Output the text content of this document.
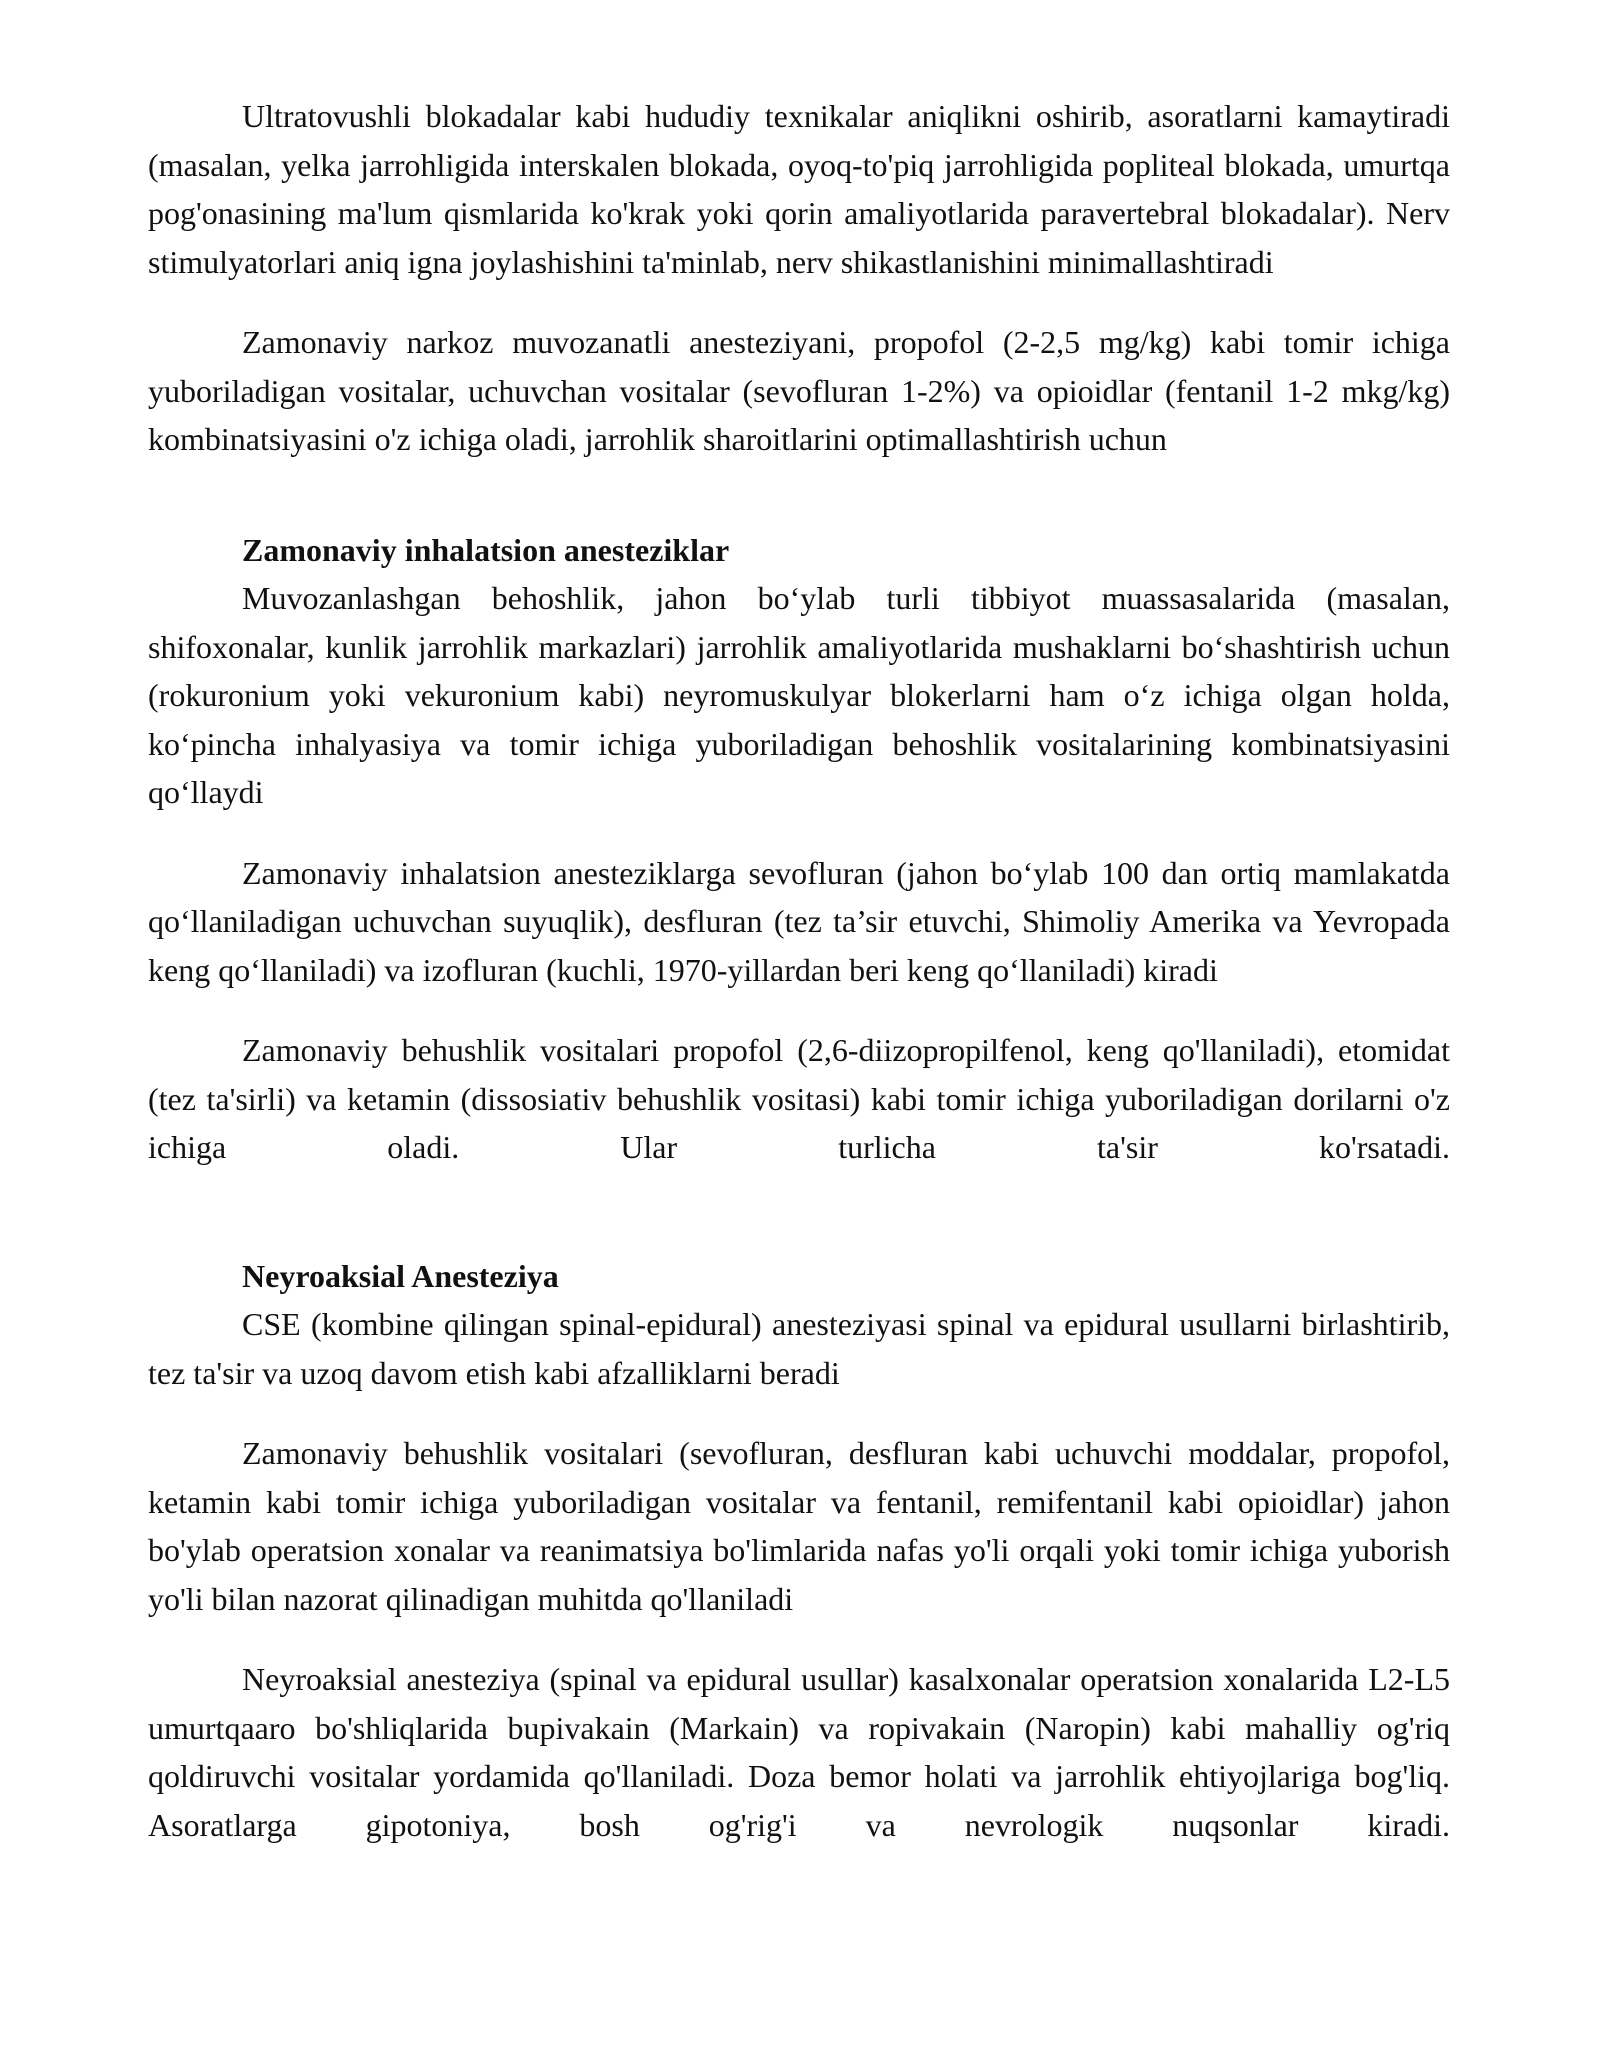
Ultratovushli blokadalar kabi hududiy texnikalar aniqlikni oshirib, asoratlarni kamaytiradi (masalan, yelka jarrohligida interskalen blokada, oyoq-to'piq jarrohligida popliteal blokada, umurtqa pog'onasining ma'lum qismlarida ko'krak yoki qorin amaliyotlarida paravertebral blokadalar). Nerv stimulyatorlari aniq igna joylashishini ta'minlab, nerv shikastlanishini minimallashtiradi

Zamonaviy narkoz muvozanatli anesteziyani, propofol (2-2,5 mg/kg) kabi tomir ichiga yuboriladigan vositalar, uchuvchan vositalar (sevofluran 1-2%) va opioidlar (fentanil 1-2 mkg/kg) kombinatsiyasini o'z ichiga oladi, jarrohlik sharoitlarini optimallashtirish uchun

Zamonaviy inhalatsion anesteziklar

Muvozanlashgan behoshlik, jahon bo‘ylab turli tibbiyot muassasalarida (masalan, shifoxonalar, kunlik jarrohlik markazlari) jarrohlik amaliyotlarida mushaklarni bo‘shashtirish uchun (rokuronium yoki vekuronium kabi) neyromuskulyar blokerlarni ham o‘z ichiga olgan holda, ko‘pincha inhalyasiya va tomir ichiga yuboriladigan behoshlik vositalarining kombinatsiyasini qo‘llaydi

Zamonaviy inhalatsion anesteziklarga sevofluran (jahon bo‘ylab 100 dan ortiq mamlakatda qo‘llaniladigan uchuvchan suyuqlik), desfluran (tez ta’sir etuvchi, Shimoliy Amerika va Yevropada keng qo‘llaniladi) va izofluran (kuchli, 1970-yillardan beri keng qo‘llaniladi) kiradi

Zamonaviy behushlik vositalari propofol (2,6-diizopropilfenol, keng qo'llaniladi), etomidat (tez ta'sirli) va ketamin (dissosiativ behushlik vositasi) kabi tomir ichiga yuboriladigan dorilarni o'z ichiga oladi. Ular turlicha ta'sir ko'rsatadi.

Neyroaksial Anesteziya

CSE (kombine qilingan spinal-epidural) anesteziyasi spinal va epidural usullarni birlashtirib, tez ta'sir va uzoq davom etish kabi afzalliklarni beradi

Zamonaviy behushlik vositalari (sevofluran, desfluran kabi uchuvchi moddalar, propofol, ketamin kabi tomir ichiga yuboriladigan vositalar va fentanil, remifentanil kabi opioidlar) jahon bo'ylab operatsion xonalar va reanimatsiya bo'limlarida nafas yo'li orqali yoki tomir ichiga yuborish yo'li bilan nazorat qilinadigan muhitda qo'llaniladi

Neyroaksial anesteziya (spinal va epidural usullar) kasalxonalar operatsion xonalarida L2-L5 umurtqaaro bo'shliqlarida bupivakain (Markain) va ropivakain (Naropin) kabi mahalliy og'riq qoldiruvchi vositalar yordamida qo'llaniladi. Doza bemor holati va jarrohlik ehtiyojlariga bog'liq. Asoratlarga gipotoniya, bosh og'rig'i va nevrologik nuqsonlar kiradi.
